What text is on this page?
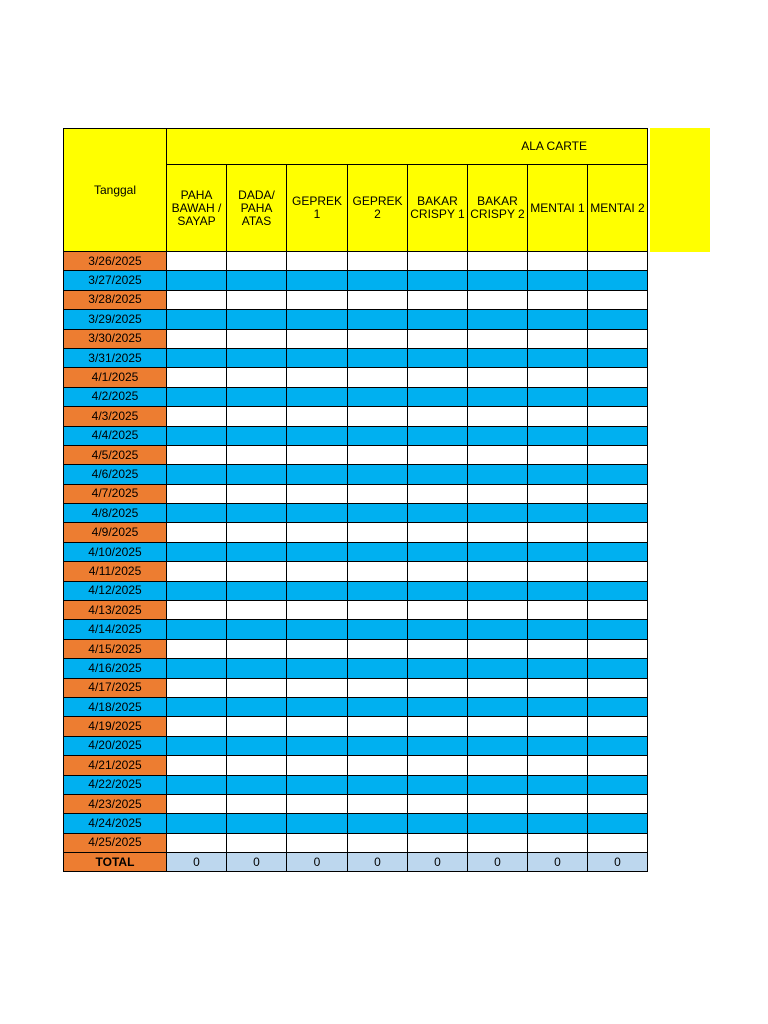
Tanggal	ALA CARTE							
	PAHA BAWAH / SAYAP	DADA/ PAHA ATAS	GEPREK 1	GEPREK 2	BAKAR CRISPY 1	BAKAR CRISPY 2	MENTAI 1	MENTAI 2
3/26/2025								
3/27/2025								
3/28/2025								
3/29/2025								
3/30/2025								
3/31/2025								
4/1/2025								
4/2/2025								
4/3/2025								
4/4/2025								
4/5/2025								
4/6/2025								
4/7/2025								
4/8/2025								
4/9/2025								
4/10/2025								
4/11/2025								
4/12/2025								
4/13/2025								
4/14/2025								
4/15/2025								
4/16/2025								
4/17/2025								
4/18/2025								
4/19/2025								
4/20/2025								
4/21/2025								
4/22/2025								
4/23/2025								
4/24/2025								
4/25/2025								
TOTAL	0	0	0	0	0	0	0	0
